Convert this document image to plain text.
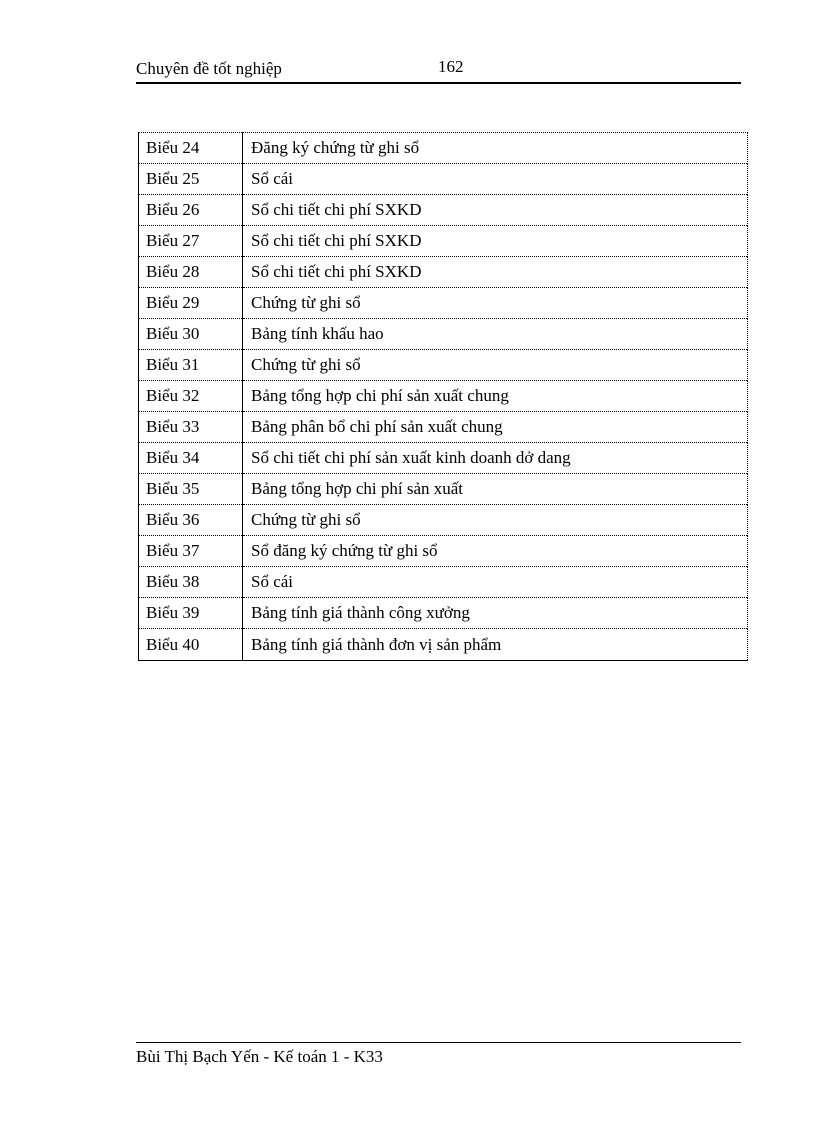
Chuyên đề tốt nghiệp	162
Biểu 24	Đăng ký chứng từ ghi sổ
Biểu 25	Sổ cái
Biểu 26	Sổ chi tiết chi phí SXKD
Biểu 27	Sổ chi tiết chi phí SXKD
Biểu 28	Sổ chi tiết chi phí SXKD
Biểu 29	Chứng từ ghi sổ
Biểu 30	Bảng tính khấu hao
Biểu 31	Chứng từ ghi sổ
Biểu 32	Bảng tổng hợp chi phí sản xuất chung
Biểu 33	Bảng phân bổ chi phí sản xuất chung
Biểu 34	Sổ chi tiết chi phí sản xuất kinh doanh dở dang
Biểu 35	Bảng tổng hợp chi phí sản xuất
Biểu 36	Chứng từ ghi sổ
Biểu 37	Sổ đăng ký chứng từ ghi sổ
Biểu 38	Sổ cái
Biểu 39	Bảng tính giá thành công xưởng
Biểu 40	Bảng tính giá thành đơn vị sản phẩm
Bùi Thị Bạch Yến - Kế toán 1 - K33
